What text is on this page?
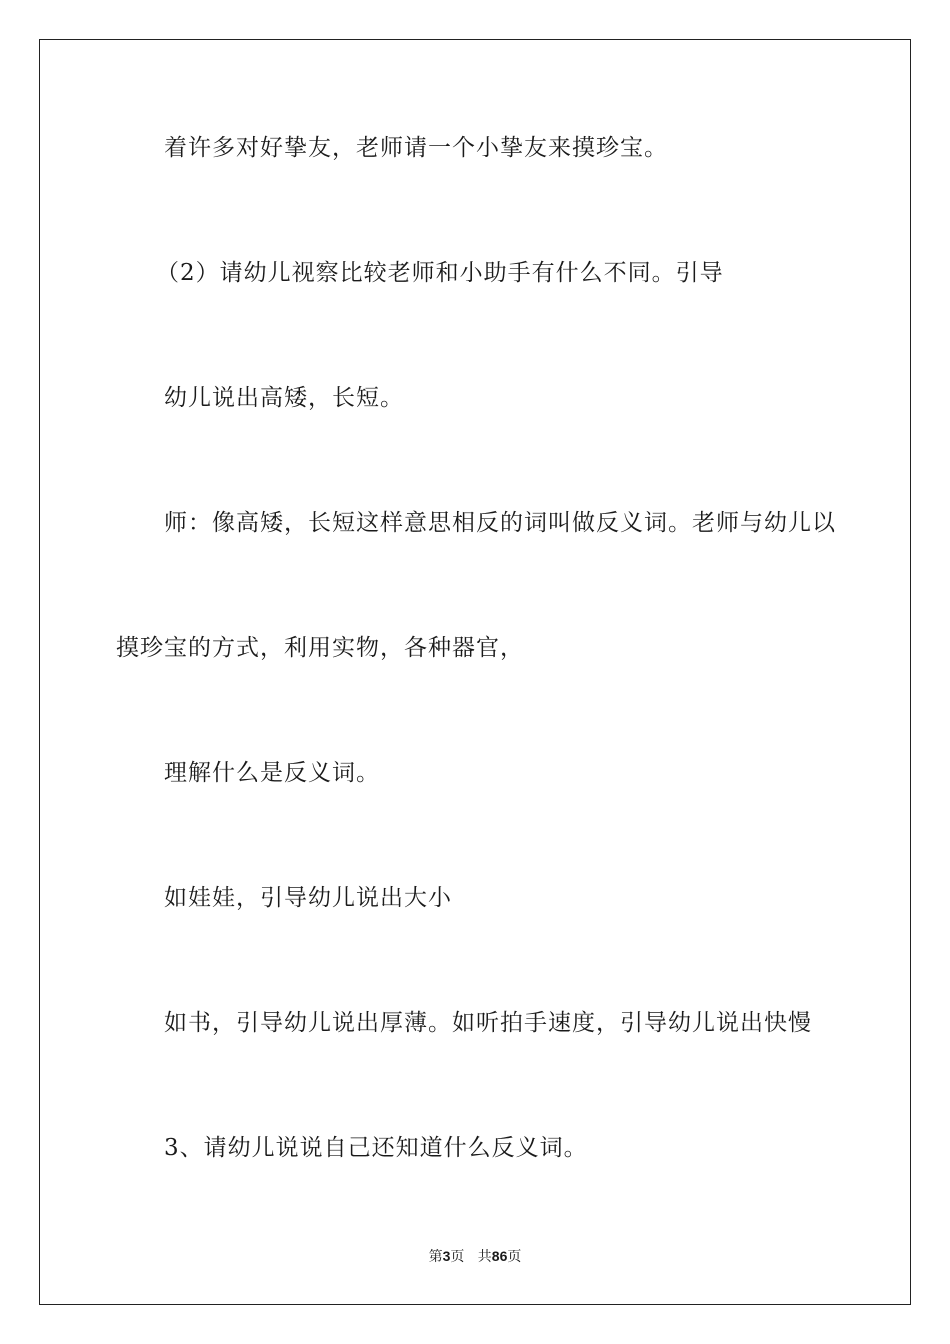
着许多对好挚友，老师请一个小挚友来摸珍宝。
（2）请幼儿视察比较老师和小助手有什么不同。引导
幼儿说出高矮，长短。
师：像高矮，长短这样意思相反的词叫做反义词。老师与幼儿以
摸珍宝的方式，利用实物，各种器官，
理解什么是反义词。
如娃娃，引导幼儿说出大小
如书，引导幼儿说出厚薄。如听拍手速度，引导幼儿说出快慢
3、请幼儿说说自己还知道什么反义词。
第3页 共86页
